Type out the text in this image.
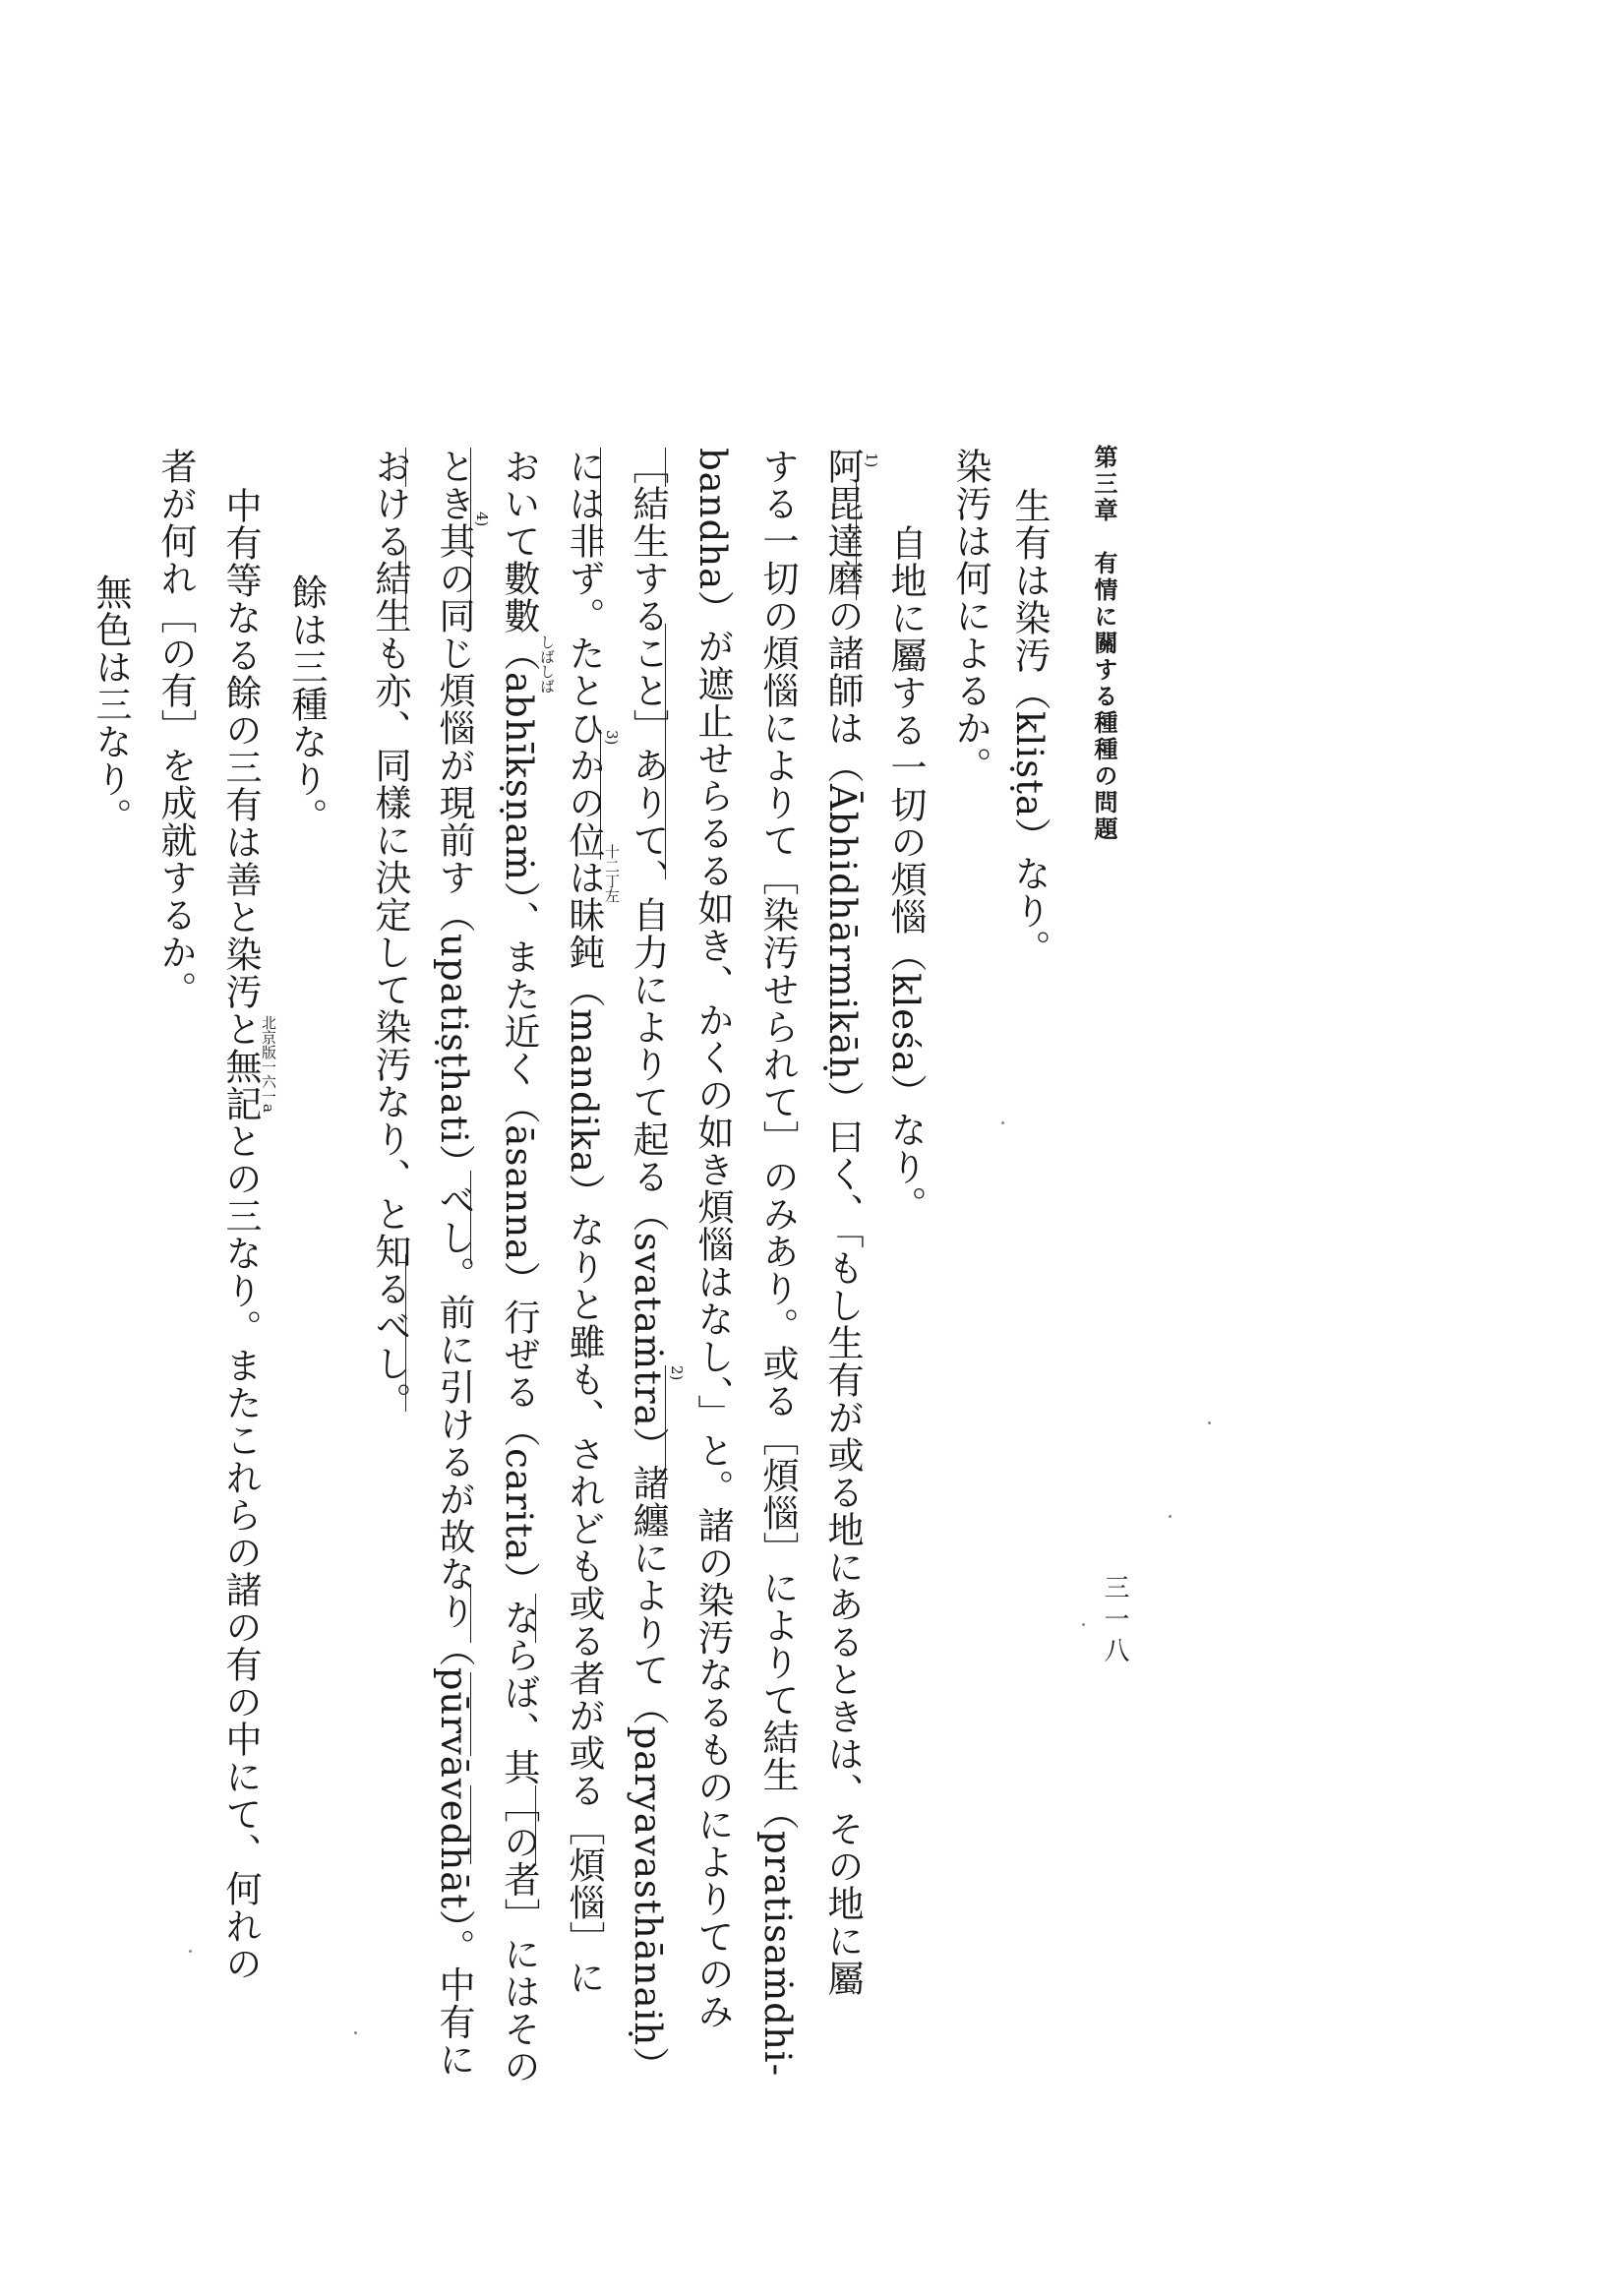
三一八
第三章　有情に關する種種の問題
生有は染汚（kliṣṭa）なり。
染汚は何によるか。
自地に屬する一切の煩惱（kleśa）なり。
阿毘達磨の諸師は（Ābhidhārmikāḥ）曰く、「もし生有が或る地にあるときは、その地に屬
する一切の煩惱によりて［染汚せられて］のみあり。或る［煩惱］によりて結生（pratisaṁdhi-
bandha）が遮止せらるる如き、かくの如き煩惱はなし、」と。諸の染汚なるものによりてのみ
［結生すること］ありて、自力によりて起る（svataṁtra）諸纏によりて（paryavasthānaiḥ）
には非ず。たとひかの位は昧鈍（mandika）なりと雖も、されども或る者が或る［煩惱］に
おいて數數（abhīkṣṇaṁ）、また近く（āsanna）行ぜる（carita）ならば、其［の者］にはその
とき其の同じ煩惱が現前す（upatiṣṭhati）べし。前に引けるが故なり（pūrvāvedhāt）。中有に
おける結生も亦、同樣に決定して染汚なり、と知るべし。
餘は三種なり。
中有等なる餘の三有は善と染汚と無記との三なり。またこれらの諸の有の中にて、何れの
者が何れ［の有］を成就するか。
無色は三なり。
1)
2)
3)
4)
しばしば
十二丁左
北京版一六一a
